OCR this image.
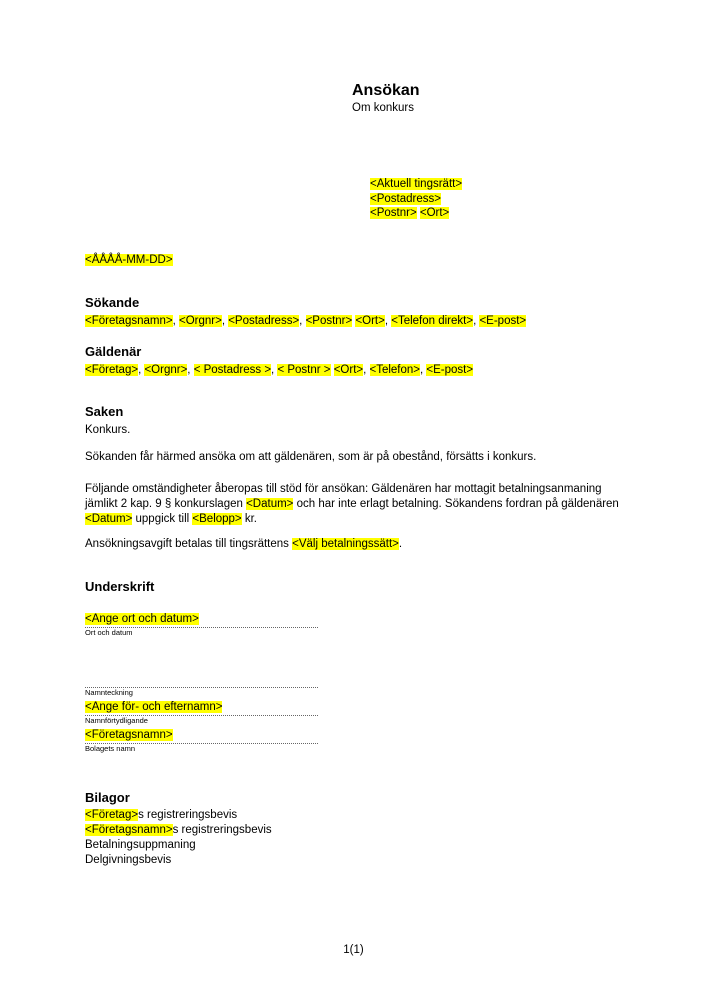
Ansökan

Om konkurs

<Aktuell tingsrätt>
<Postadress>
<Postnr> <Ort>

<ÅÅÅÅ-MM-DD>

Sökande

<Företagsnamn>, <Orgnr>, <Postadress>, <Postnr> <Ort>, <Telefon direkt>, <E-post>

Gäldenär

<Företag>, <Orgnr>, < Postadress >, < Postnr > <Ort>, <Telefon>, <E-post>

Saken

Konkurs.

Sökanden får härmed ansöka om att gäldenären, som är på obestånd, försätts i konkurs.

Följande omständigheter åberopas till stöd för ansökan: Gäldenären har mottagit betalningsanmaning jämlikt 2 kap. 9 § konkurslagen <Datum> och har inte erlagt betalning. Sökandens fordran på gäldenären <Datum> uppgick till <Belopp> kr.

Ansökningsavgift betalas till tingsrättens <Välj betalningssätt>.

Underskrift
<Ange ort och datum>
Ort och datum
Namnteckning
<Ange för- och efternamn>
Namnförtydligande
<Företagsnamn>
Bolagets namn
Bilagor
<Företag>s registreringsbevis
<Företagsnamn>s registreringsbevis
Betalningsuppmaning
Delgivningsbevis
1(1)
